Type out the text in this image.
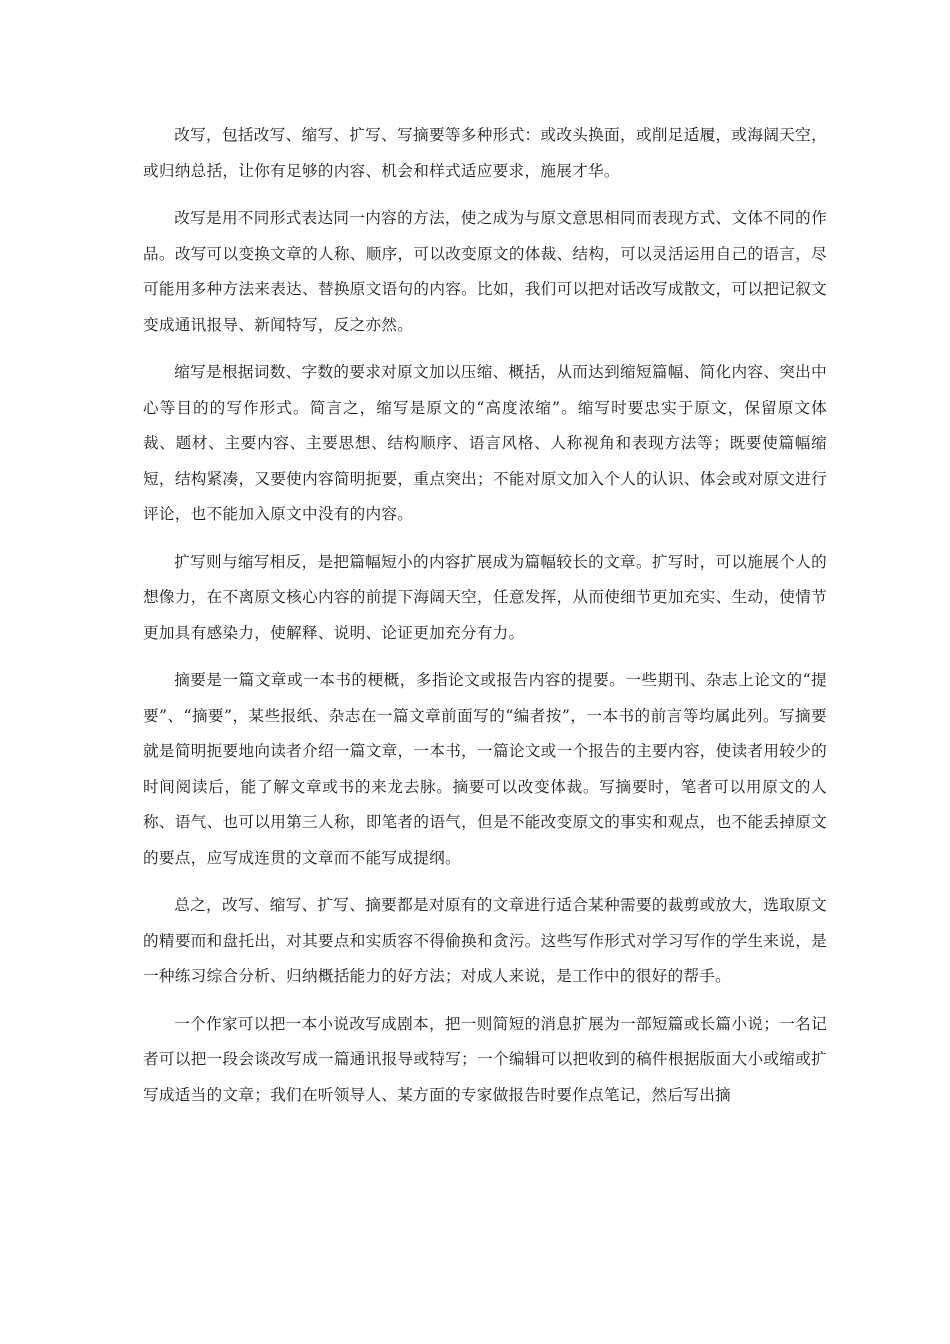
改写，包括改写、缩写、扩写、写摘要等多种形式：或改头换面，或削足适履，或海阔天空，或归纳总括，让你有足够的内容、机会和样式适应要求，施展才华。

改写是用不同形式表达同一内容的方法，使之成为与原文意思相同而表现方式、文体不同的作品。改写可以变换文章的人称、顺序，可以改变原文的体裁、结构，可以灵活运用自己的语言，尽可能用多种方法来表达、替换原文语句的内容。比如，我们可以把对话改写成散文，可以把记叙文变成通讯报导、新闻特写，反之亦然。

缩写是根据词数、字数的要求对原文加以压缩、概括，从而达到缩短篇幅、简化内容、突出中心等目的的写作形式。简言之，缩写是原文的“高度浓缩”。缩写时要忠实于原文，保留原文体裁、题材、主要内容、主要思想、结构顺序、语言风格、人称视角和表现方法等；既要使篇幅缩短，结构紧凑，又要使内容简明扼要，重点突出；不能对原文加入个人的认识、体会或对原文进行评论，也不能加入原文中没有的内容。

扩写则与缩写相反，是把篇幅短小的内容扩展成为篇幅较长的文章。扩写时，可以施展个人的想像力，在不离原文核心内容的前提下海阔天空，任意发挥，从而使细节更加充实、生动，使情节更加具有感染力，使解释、说明、论证更加充分有力。

摘要是一篇文章或一本书的梗概，多指论文或报告内容的提要。一些期刊、杂志上论文的“提要”、“摘要”，某些报纸、杂志在一篇文章前面写的“编者按”，一本书的前言等均属此列。写摘要就是简明扼要地向读者介绍一篇文章，一本书，一篇论文或一个报告的主要内容，使读者用较少的时间阅读后，能了解文章或书的来龙去脉。摘要可以改变体裁。写摘要时，笔者可以用原文的人称、语气、也可以用第三人称，即笔者的语气，但是不能改变原文的事实和观点，也不能丢掉原文的要点，应写成连贯的文章而不能写成提纲。

总之，改写、缩写、扩写、摘要都是对原有的文章进行适合某种需要的裁剪或放大，选取原文的精要而和盘托出，对其要点和实质容不得偷换和贪污。这些写作形式对学习写作的学生来说，是一种练习综合分析、归纳概括能力的好方法；对成人来说，是工作中的很好的帮手。

一个作家可以把一本小说改写成剧本，把一则简短的消息扩展为一部短篇或长篇小说；一名记者可以把一段会谈改写成一篇通讯报导或特写；一个编辑可以把收到的稿件根据版面大小或缩或扩写成适当的文章；我们在听领导人、某方面的专家做报告时要作点笔记，然后写出摘
